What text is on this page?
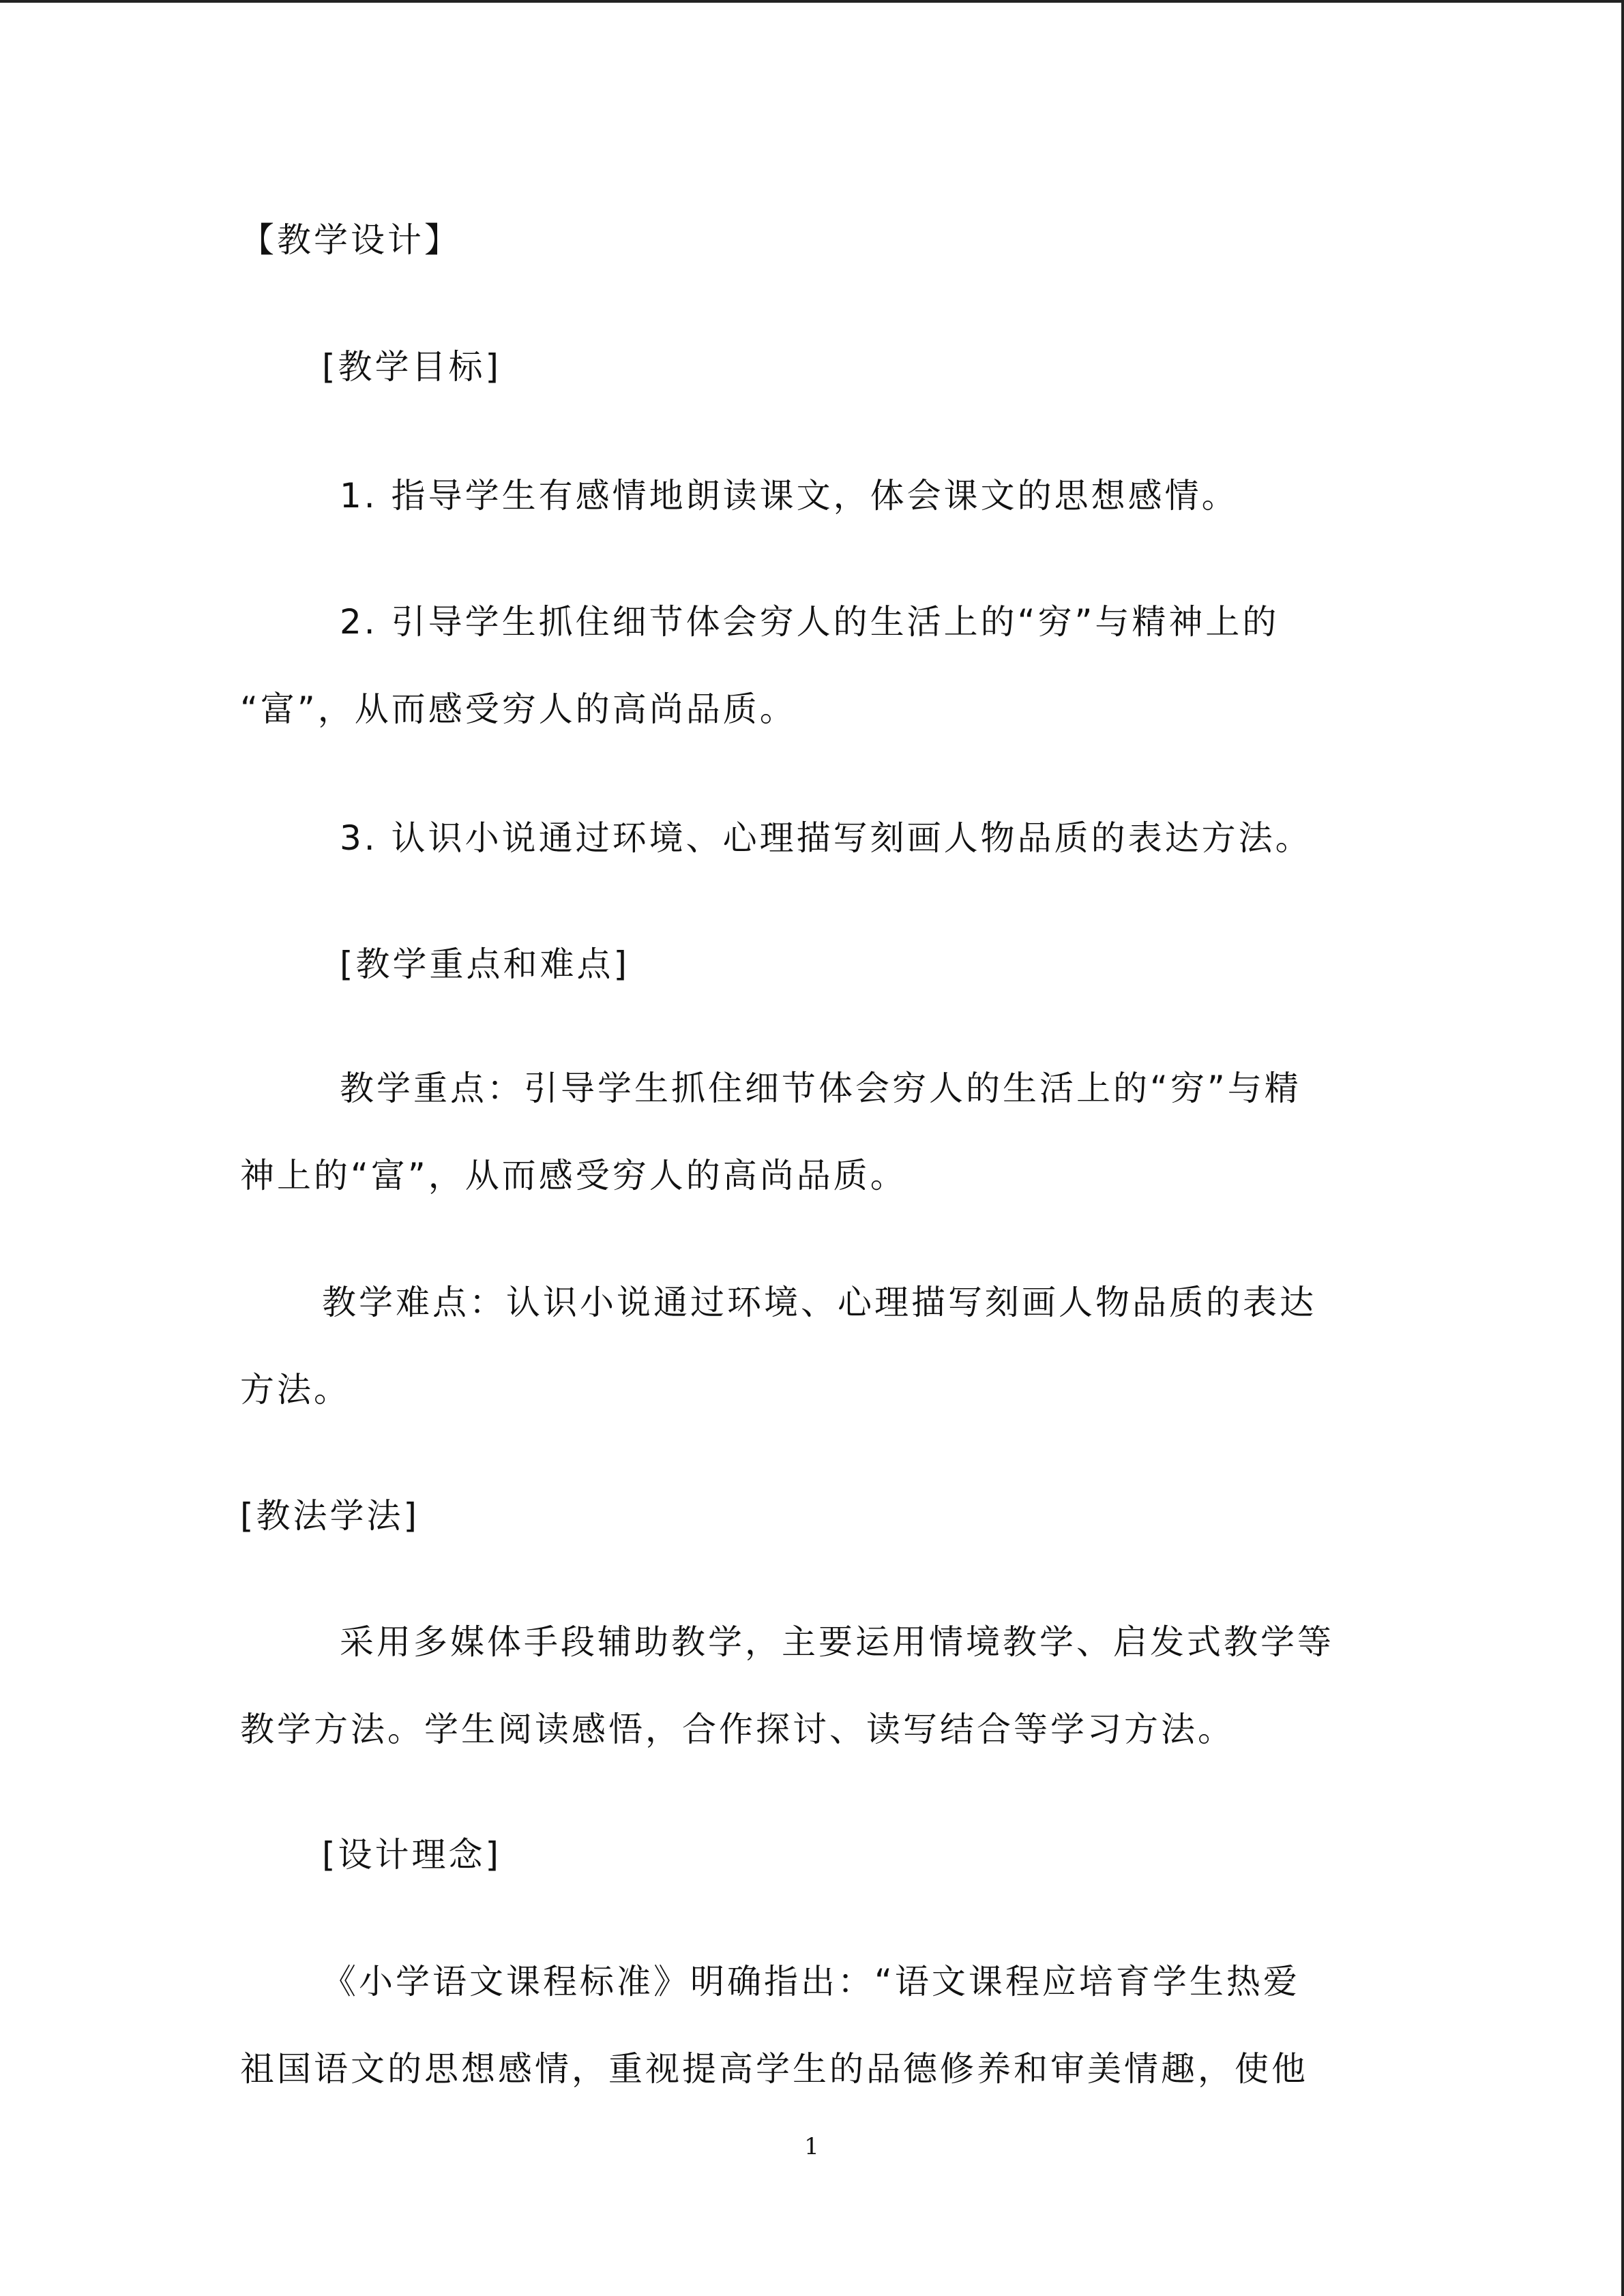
【教学设计】
[教学目标]
1. 指导学生有感情地朗读课文，体会课文的思想感情。
2. 引导学生抓住细节体会穷人的生活上的“穷”与精神上的
“富”，从而感受穷人的高尚品质。
3. 认识小说通过环境、心理描写刻画人物品质的表达方法。
[教学重点和难点]
教学重点：引导学生抓住细节体会穷人的生活上的“穷”与精
神上的“富”，从而感受穷人的高尚品质。
教学难点：认识小说通过环境、心理描写刻画人物品质的表达
方法。
[教法学法]
采用多媒体手段辅助教学，主要运用情境教学、启发式教学等
教学方法。学生阅读感悟，合作探讨、读写结合等学习方法。
[设计理念]
《小学语文课程标准》明确指出：“语文课程应培育学生热爱
祖国语文的思想感情，重视提高学生的品德修养和审美情趣，使他
1
